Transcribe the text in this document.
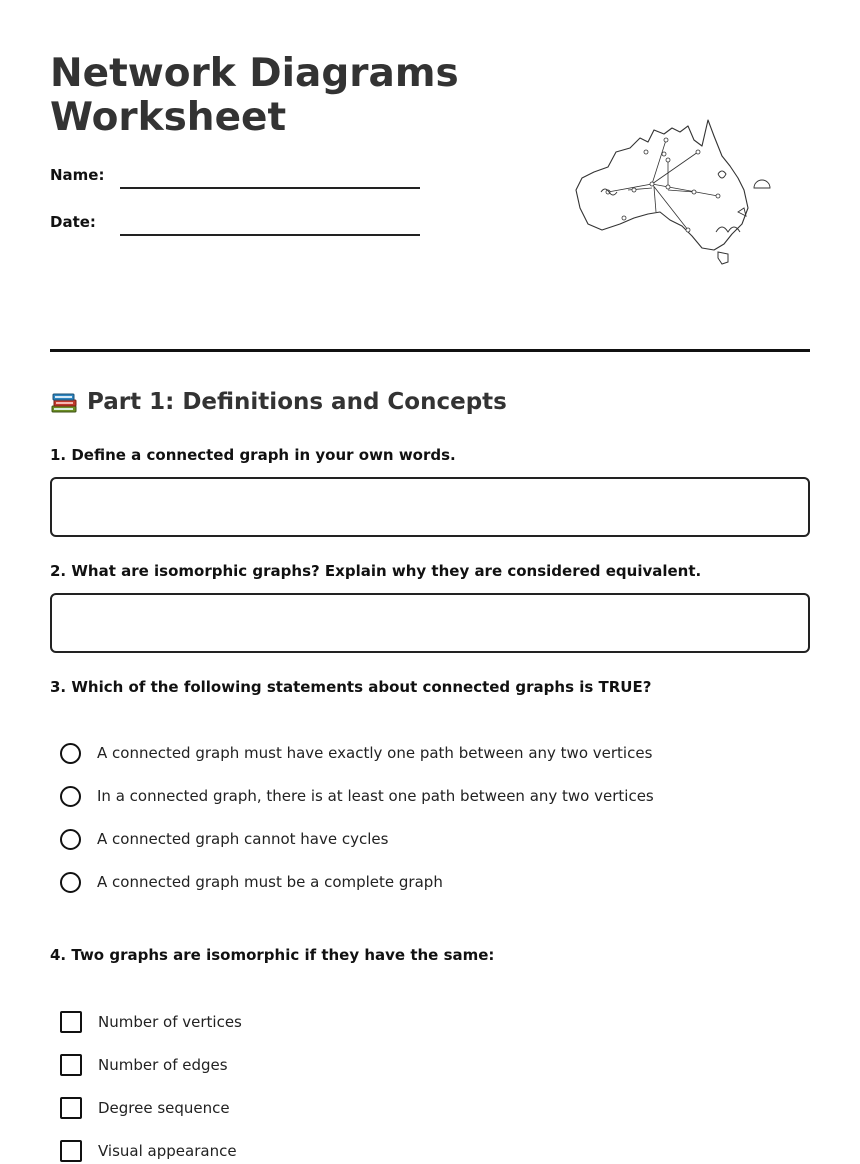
Network Diagrams Worksheet
Name:
Date:
Part 1: Definitions and Concepts

1. Define a connected graph in your own words.

2. What are isomorphic graphs? Explain why they are considered equivalent.

3. Which of the following statements about connected graphs is TRUE?

A connected graph must have exactly one path between any two vertices
In a connected graph, there is at least one path between any two vertices
A connected graph cannot have cycles
A connected graph must be a complete graph

4. Two graphs are isomorphic if they have the same:

Number of vertices
Number of edges
Degree sequence
Visual appearance
